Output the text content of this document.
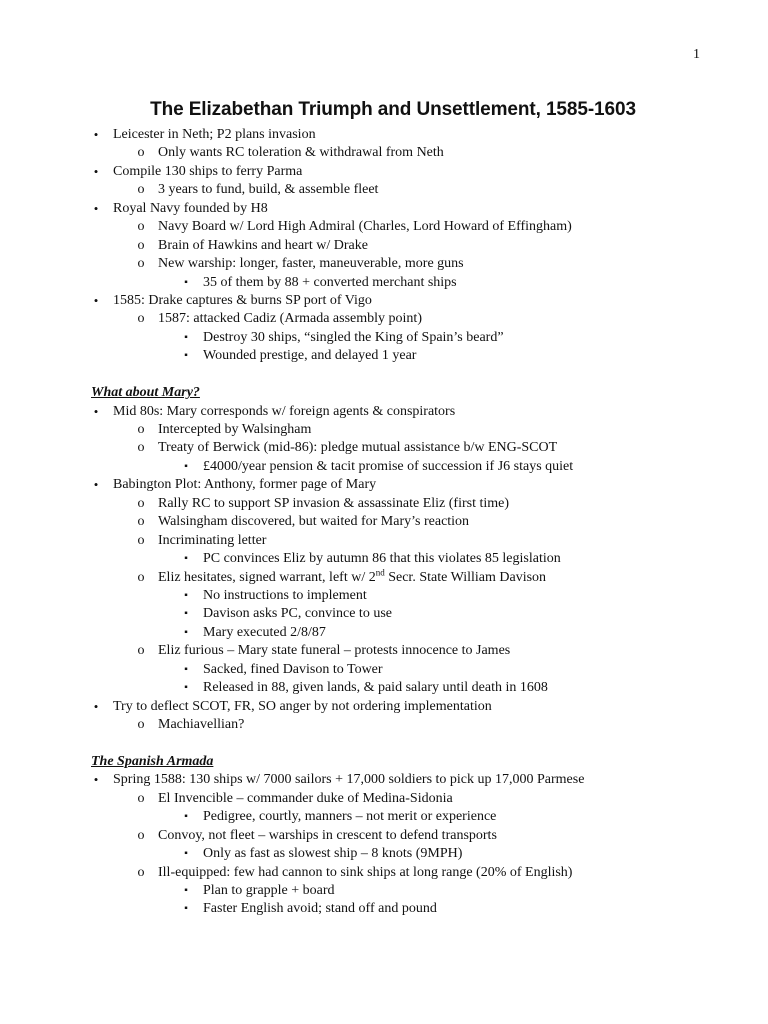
1
The Elizabethan Triumph and Unsettlement, 1585-1603
•	Leicester in Neth; P2 plans invasion
o Only wants RC toleration & withdrawal from Neth
•	Compile 130 ships to ferry Parma
o 3 years to fund, build, & assemble fleet
•	Royal Navy founded by H8
o Navy Board w/ Lord High Admiral (Charles, Lord Howard of Effingham)
o Brain of Hawkins and heart w/ Drake
o New warship: longer, faster, maneuverable, more guns
▪	35 of them by 88 + converted merchant ships
•	1585: Drake captures & burns SP port of Vigo
o 1587: attacked Cadiz (Armada assembly point)
▪	Destroy 30 ships, “singled the King of Spain’s beard”
▪	Wounded prestige, and delayed 1 year
What about Mary?
•	Mid 80s: Mary corresponds w/ foreign agents & conspirators
o Intercepted by Walsingham
o Treaty of Berwick (mid-86): pledge mutual assistance b/w ENG-SCOT
▪	£4000/year pension & tacit promise of succession if J6 stays quiet
•	Babington Plot: Anthony, former page of Mary
o Rally RC to support SP invasion & assassinate Eliz (first time)
o Walsingham discovered, but waited for Mary’s reaction
o Incriminating letter
▪	PC convinces Eliz by autumn 86 that this violates 85 legislation
o Eliz hesitates, signed warrant, left w/ 2nd Secr. State William Davison
▪	No instructions to implement
▪	Davison asks PC, convince to use
▪	Mary executed 2/8/87
o Eliz furious – Mary state funeral – protests innocence to James
▪	Sacked, fined Davison to Tower
▪	Released in 88, given lands, & paid salary until death in 1608
•	Try to deflect SCOT, FR, SO anger by not ordering implementation
o Machiavellian?
The Spanish Armada
•	Spring 1588: 130 ships w/ 7000 sailors + 17,000 soldiers to pick up 17,000 Parmese
o El Invencible – commander duke of Medina-Sidonia
▪	Pedigree, courtly, manners – not merit or experience
o Convoy, not fleet – warships in crescent to defend transports
▪	Only as fast as slowest ship – 8 knots (9MPH)
o Ill-equipped: few had cannon to sink ships at long range (20% of English)
▪	Plan to grapple + board
▪	Faster English avoid; stand off and pound
